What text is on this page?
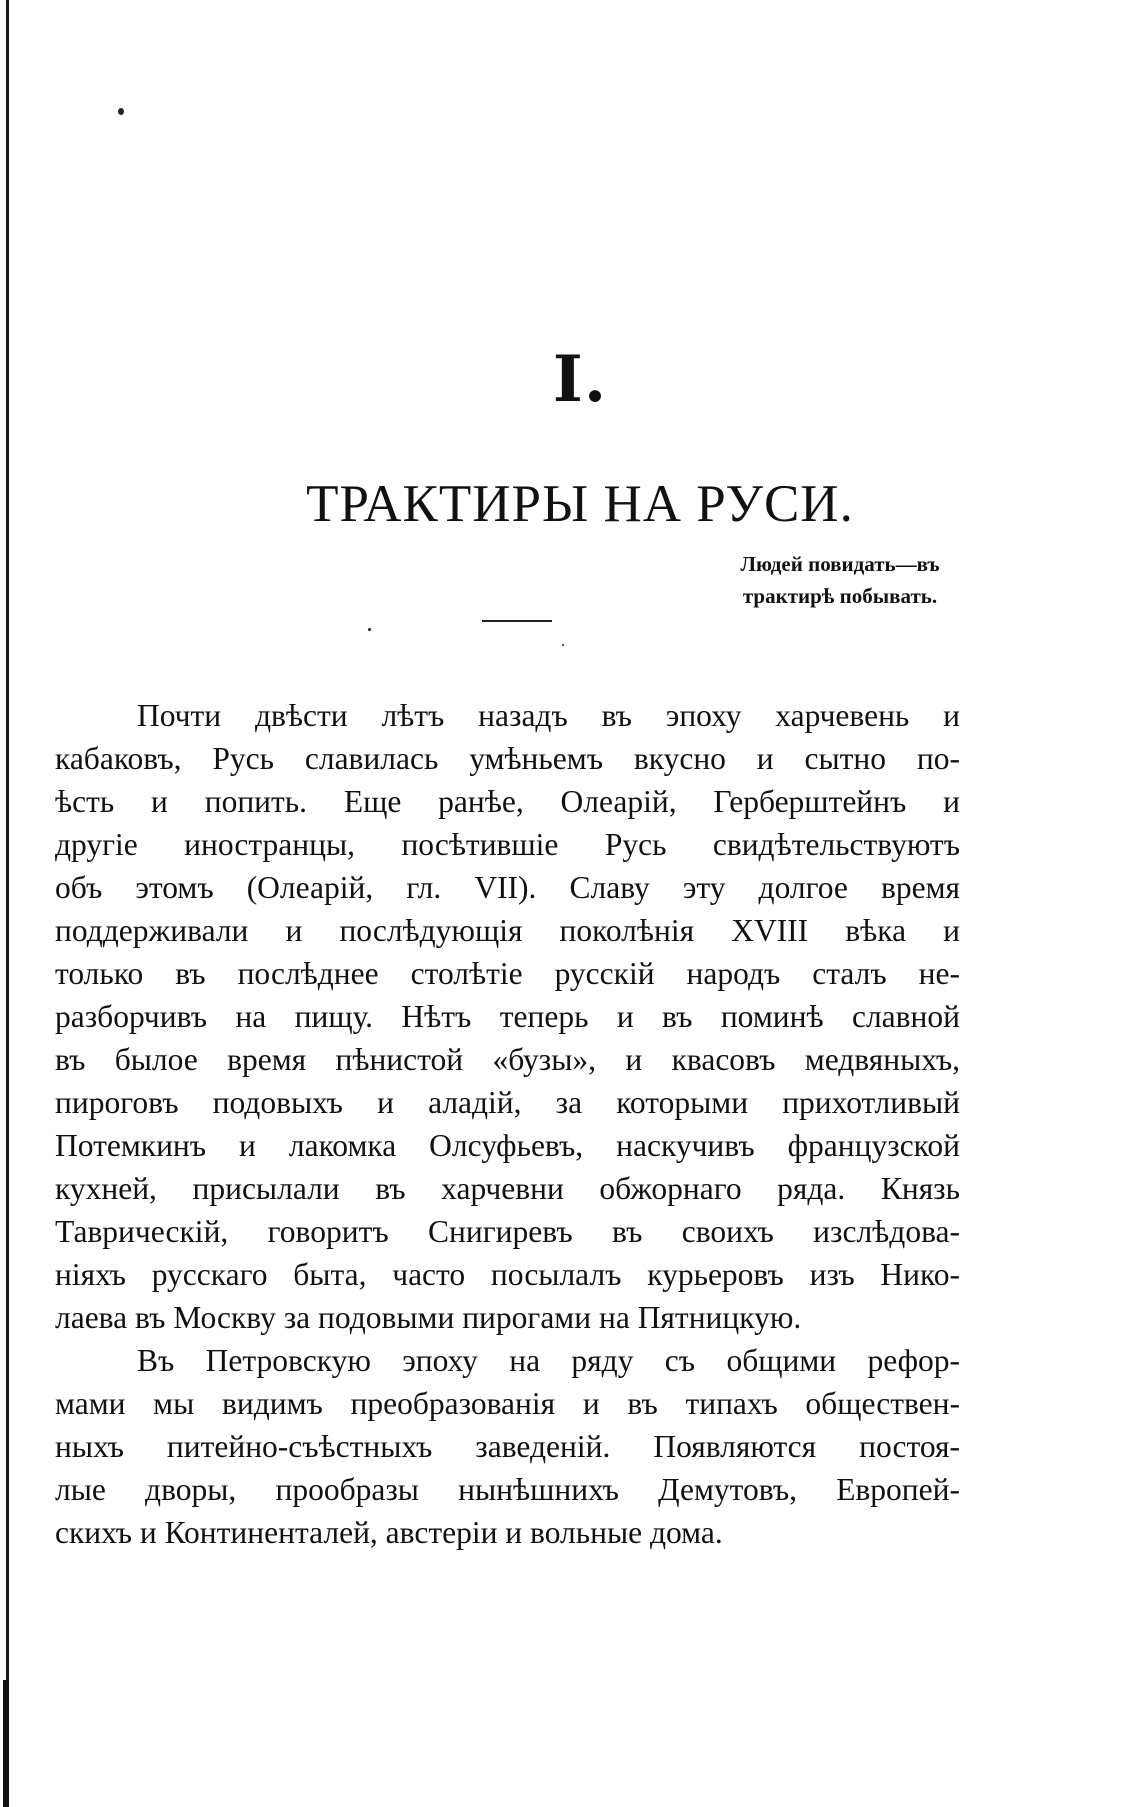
I.
ТРАКТИРЫ НА РУСИ.
Людей повидать—въ
трактирѣ побывать.
Почти двѣсти лѣтъ назадъ въ эпоху харчевень и
кабаковъ, Русь славилась умѣньемъ вкусно и сытно по-
ѣсть и попить. Еще ранѣе, Олеарій, Герберштейнъ и
другіе иностранцы, посѣтившіе Русь свидѣтельствуютъ
объ этомъ (Олеарій, гл. VII). Славу эту долгое время
поддерживали и послѣдующія поколѣнія XVIII вѣка и
только въ послѣднее столѣтіе русскій народъ сталъ не-
разборчивъ на пищу. Нѣтъ теперь и въ поминѣ славной
въ былое время пѣнистой «бузы», и квасовъ медвяныхъ,
пироговъ подовыхъ и аладій, за которыми прихотливый
Потемкинъ и лакомка Олсуфьевъ, наскучивъ французской
кухней, присылали въ харчевни обжорнаго ряда. Князь
Таврическій, говоритъ Снигиревъ въ своихъ изслѣдова-
ніяхъ русскаго быта, часто посылалъ курьеровъ изъ Нико-
лаева въ Москву за подовыми пирогами на Пятницкую.
Въ Петровскую эпоху на ряду съ общими рефор-
мами мы видимъ преобразованія и въ типахъ обществен-
ныхъ питейно-съѣстныхъ заведеній. Появляются постоя-
лые дворы, прообразы нынѣшнихъ Демутовъ, Европей-
скихъ и Континенталей, австеріи и вольные дома.
